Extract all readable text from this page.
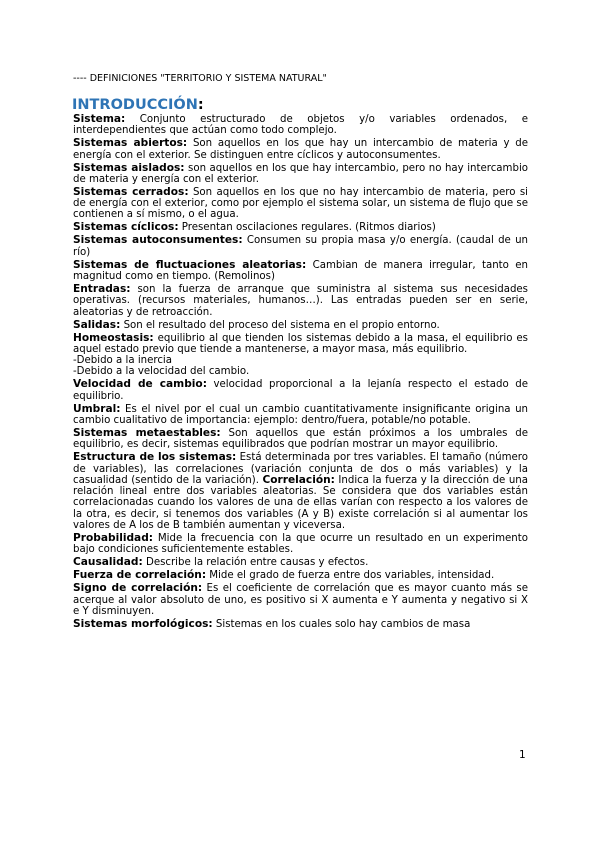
---- DEFINICIONES "TERRITORIO Y SISTEMA NATURAL"
INTRODUCCIÓN:

Sistema: Conjunto estructurado de objetos y/o variables ordenados, e interdependientes que actúan como todo complejo.

Sistemas abiertos: Son aquellos en los que hay un intercambio de materia y de energía con el exterior. Se distinguen entre cíclicos y autoconsumentes.

Sistemas aislados: son aquellos en los que hay intercambio, pero no hay intercambio de materia y energía con el exterior.

Sistemas cerrados: Son aquellos en los que no hay intercambio de materia, pero si de energía con el exterior, como por ejemplo el sistema solar, un sistema de flujo que se contienen a sí mismo, o el agua.

Sistemas cíclicos: Presentan oscilaciones regulares. (Ritmos diarios)

Sistemas autoconsumentes: Consumen su propia masa y/o energía. (caudal de un río)

Sistemas de fluctuaciones aleatorias: Cambian de manera irregular, tanto en magnitud como en tiempo. (Remolinos)

Entradas: son la fuerza de arranque que suministra al sistema sus necesidades operativas. (recursos materiales, humanos…). Las entradas pueden ser en serie, aleatorias y de retroacción.

Salidas: Son el resultado del proceso del sistema en el propio entorno.

Homeostasis: equilibrio al que tienden los sistemas debido a la masa, el equilibrio es aquel estado previo que tiende a mantenerse, a mayor masa, más equilibrio.

-Debido a la inercia

-Debido a la velocidad del cambio.

Velocidad de cambio: velocidad proporcional a la lejanía respecto el estado de equilibrio.

Umbral: Es el nivel por el cual un cambio cuantitativamente insignificante origina un cambio cualitativo de importancia: ejemplo: dentro/fuera, potable/no potable.

Sistemas metaestables: Son aquellos que están próximos a los umbrales de equilibrio, es decir, sistemas equilibrados que podrían mostrar un mayor equilibrio.

Estructura de los sistemas: Está determinada por tres variables. El tamaño (número de variables), las correlaciones (variación conjunta de dos o más variables) y la casualidad (sentido de la variación). Correlación: Indica la fuerza y la dirección de una relación lineal entre dos variables aleatorias. Se considera que dos variables están correlacionadas cuando los valores de una de ellas varían con respecto a los valores de la otra, es decir, si tenemos dos variables (A y B) existe correlación si al aumentar los valores de A los de B también aumentan y viceversa.

Probabilidad: Mide la frecuencia con la que ocurre un resultado en un experimento bajo condiciones suficientemente estables.

Causalidad: Describe la relación entre causas y efectos.

Fuerza de correlación: Mide el grado de fuerza entre dos variables, intensidad.

Signo de correlación: Es el coeficiente de correlación que es mayor cuanto más se acerque al valor absoluto de uno, es positivo si X aumenta e Y aumenta y negativo si X e Y disminuyen.

Sistemas morfológicos: Sistemas en los cuales solo hay cambios de masa

1
